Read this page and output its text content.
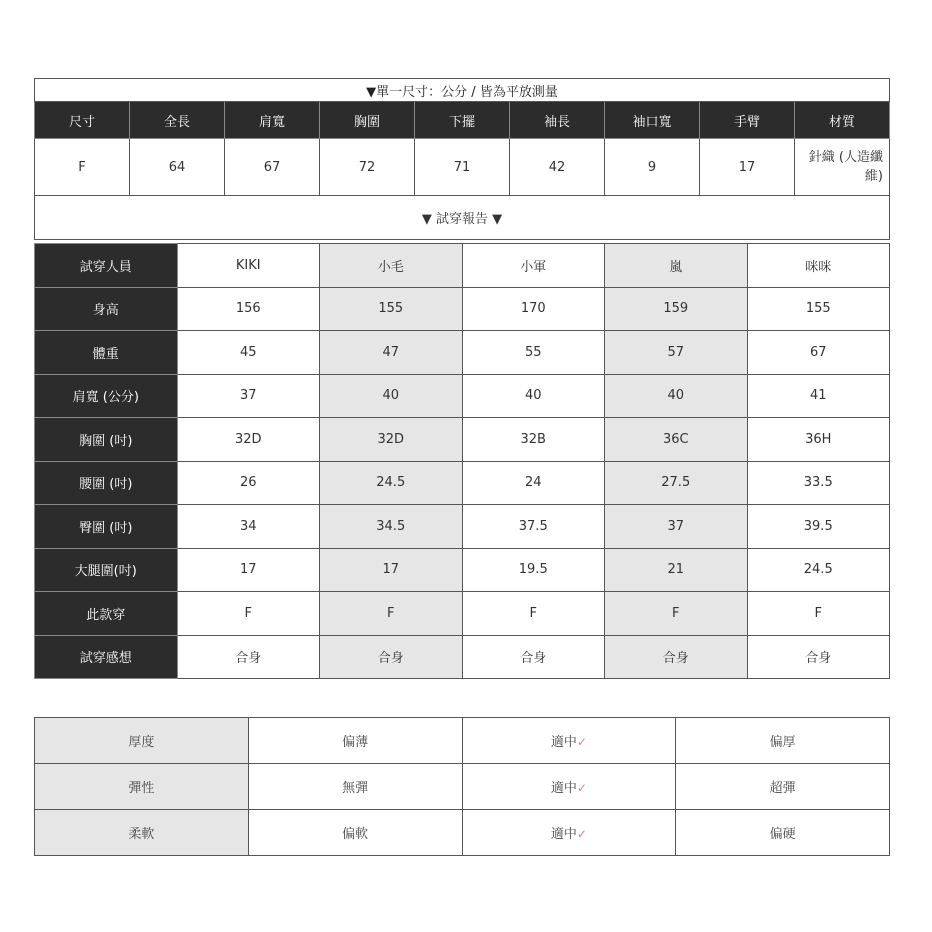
▼單一尺寸：公分 / 皆為平放測量								
尺寸	全長	肩寬	胸圍	下擺	袖長	袖口寬	手臂	材質
F	64	67	72	71	42	9	17	針織 (人造纖維)
▼ 試穿報告 ▼								
試穿人員	KIKI	小毛	小軍	嵐	咪咪
身高	156	155	170	159	155
體重	45	47	55	57	67
肩寬 (公分)	37	40	40	40	41
胸圍 (吋)	32D	32D	32B	36C	36H
腰圍 (吋)	26	24.5	24	27.5	33.5
臀圍 (吋)	34	34.5	37.5	37	39.5
大腿圍(吋)	17	17	19.5	21	24.5
此款穿	F	F	F	F	F
試穿感想	合身	合身	合身	合身	合身
厚度	偏薄	適中✓	偏厚
彈性	無彈	適中✓	超彈
柔軟	偏軟	適中✓	偏硬
